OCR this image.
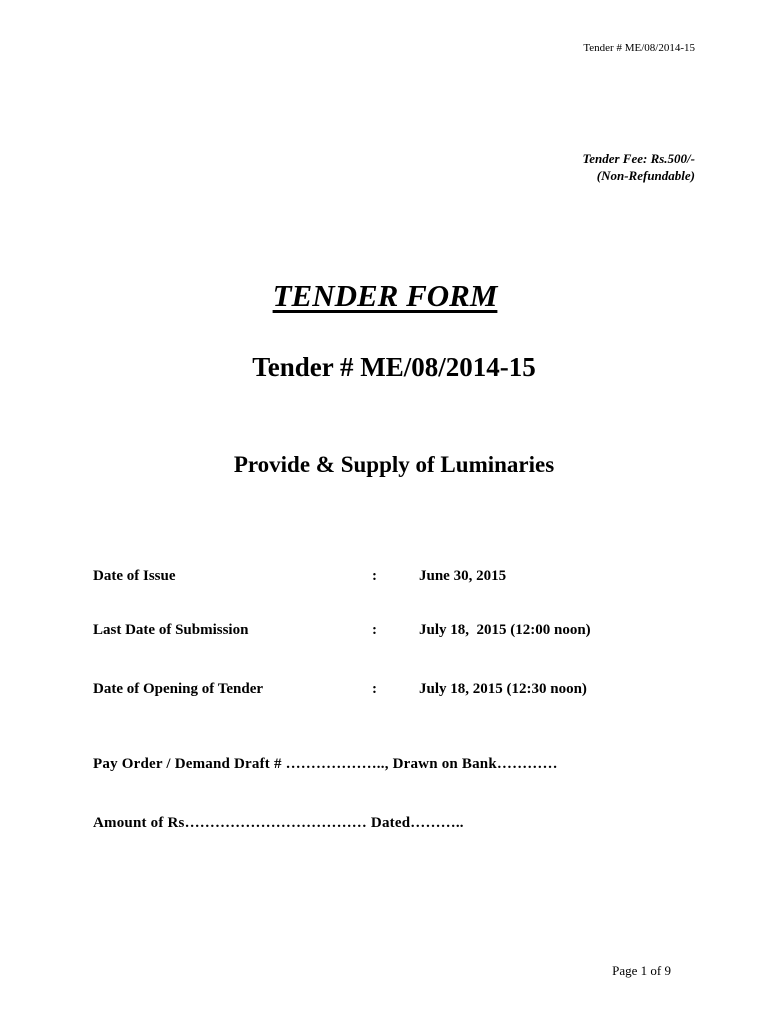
Tender # ME/08/2014-15
Tender Fee: Rs.500/-
(Non-Refundable)
TENDER FORM
Tender # ME/08/2014-15
Provide & Supply of Luminaries
Date of Issue	:	June 30, 2015
Last Date of Submission	:	July 18,  2015 (12:00 noon)
Date of Opening of Tender	:	July 18, 2015 (12:30 noon)
Pay Order / Demand Draft # ……………….., Drawn on Bank…………
Amount of Rs……………………………… Dated………..
Page 1 of 9
